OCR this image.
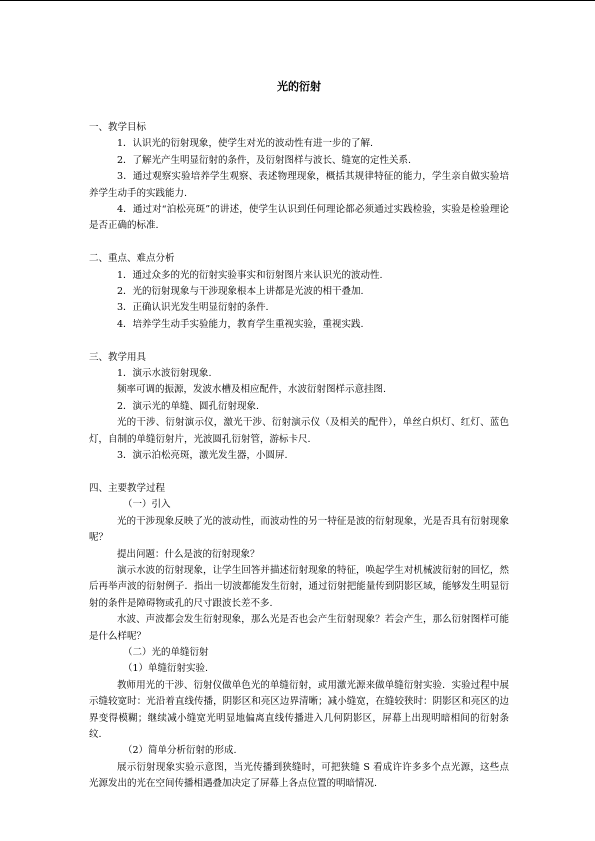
光的衍射

一、教学目标

1．认识光的衍射现象，使学生对光的波动性有进一步的了解.

2．了解光产生明显衍射的条件，及衍射图样与波长、缝宽的定性关系.

3．通过观察实验培养学生观察、表述物理现象，概括其规律特征的能力，学生亲自做实验培养学生动手的实践能力.

4．通过对“泊松亮斑”的讲述，使学生认识到任何理论都必须通过实践检验，实验是检验理论是否正确的标准.

二、重点、难点分析

1．通过众多的光的衍射实验事实和衍射图片来认识光的波动性.

2．光的衍射现象与干涉现象根本上讲都是光波的相干叠加.

3．正确认识光发生明显衍射的条件.

4．培养学生动手实验能力，教育学生重视实验，重视实践.

三、教学用具

1．演示水波衍射现象.

频率可调的振源，发波水槽及相应配件，水波衍射图样示意挂图.

2．演示光的单缝、圆孔衍射现象.

光的干涉、衍射演示仪，激光干涉、衍射演示仪（及相关的配件），单丝白炽灯、红灯、蓝色灯，自制的单缝衍射片，光波圆孔衍射管，游标卡尺.

3．演示泊松亮斑，激光发生器，小圆屏.

四、主要教学过程

（一）引入

光的干涉现象反映了光的波动性，而波动性的另一特征是波的衍射现象，光是否具有衍射现象呢？

提出问题：什么是波的衍射现象？

演示水波的衍射现象，让学生回答并描述衍射现象的特征，唤起学生对机械波衍射的回忆，然后再举声波的衍射例子．指出一切波都能发生衍射，通过衍射把能量传到阴影区域，能够发生明显衍射的条件是障碍物或孔的尺寸跟波长差不多.

水波、声波都会发生衍射现象，那么光是否也会产生衍射现象？若会产生，那么衍射图样可能是什么样呢？

（二）光的单缝衍射

（1）单缝衍射实验.

教师用光的干涉、衍射仪做单色光的单缝衍射，或用激光源来做单缝衍射实验．实验过程中展示缝较宽时：光沿着直线传播，阴影区和亮区边界清晰；减小缝宽，在缝较狭时：阴影区和亮区的边界变得模糊；继续减小缝宽光明显地偏离直线传播进入几何阴影区，屏幕上出现明暗相间的衍射条纹.

（2）简单分析衍射的形成.

展示衍射现象实验示意图，当光传播到狭缝时，可把狭缝 S 看成许许多多个点光源，这些点光源发出的光在空间传播相遇叠加决定了屏幕上各点位置的明暗情况.
